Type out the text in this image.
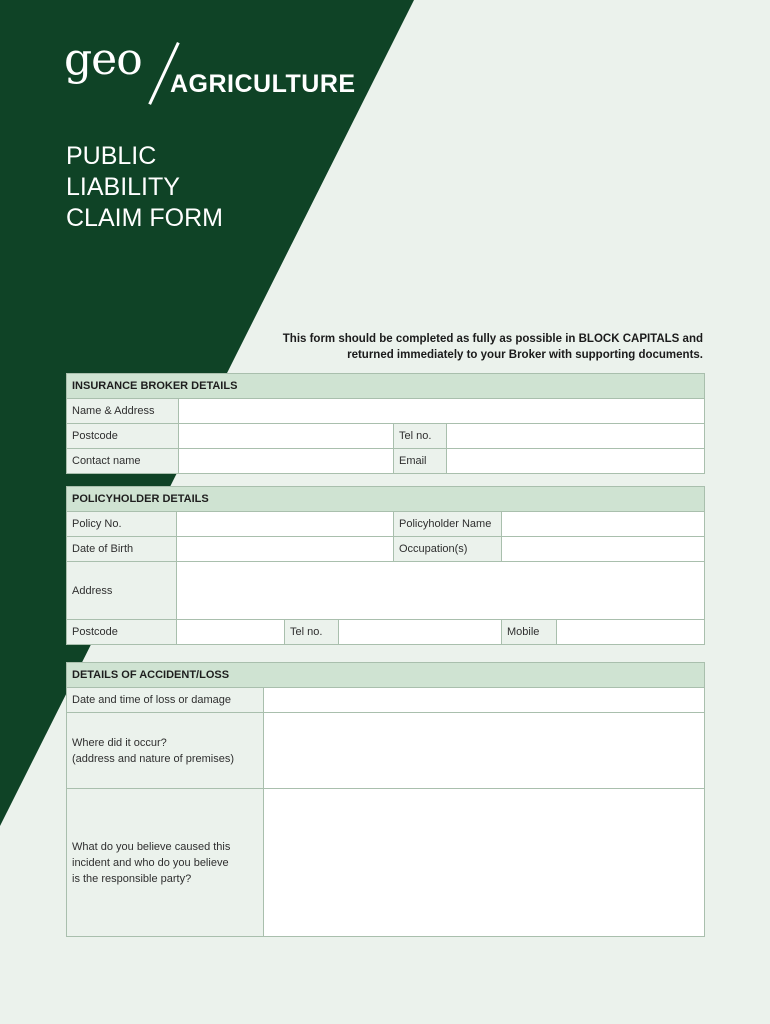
geo AGRICULTURE
PUBLIC
LIABILITY
CLAIM FORM

This form should be completed as fully as possible in BLOCK CAPITALS and
returned immediately to your Broker with supporting documents.

INSURANCE BROKER DETAILS			
Name & Address			
Postcode		Tel no.	
Contact name		Email	
POLICYHOLDER DETAILS						
Policy No.				Policyholder Name		
Date of Birth				Occupation(s)		
Address						
Postcode		Tel no.			Mobile	
DETAILS OF ACCIDENT/LOSS	
Date and time of loss or damage	

Where did it occur?
(address and nature of premises)	

What do you believe caused this
incident and who do you believe
is the responsible party?	
